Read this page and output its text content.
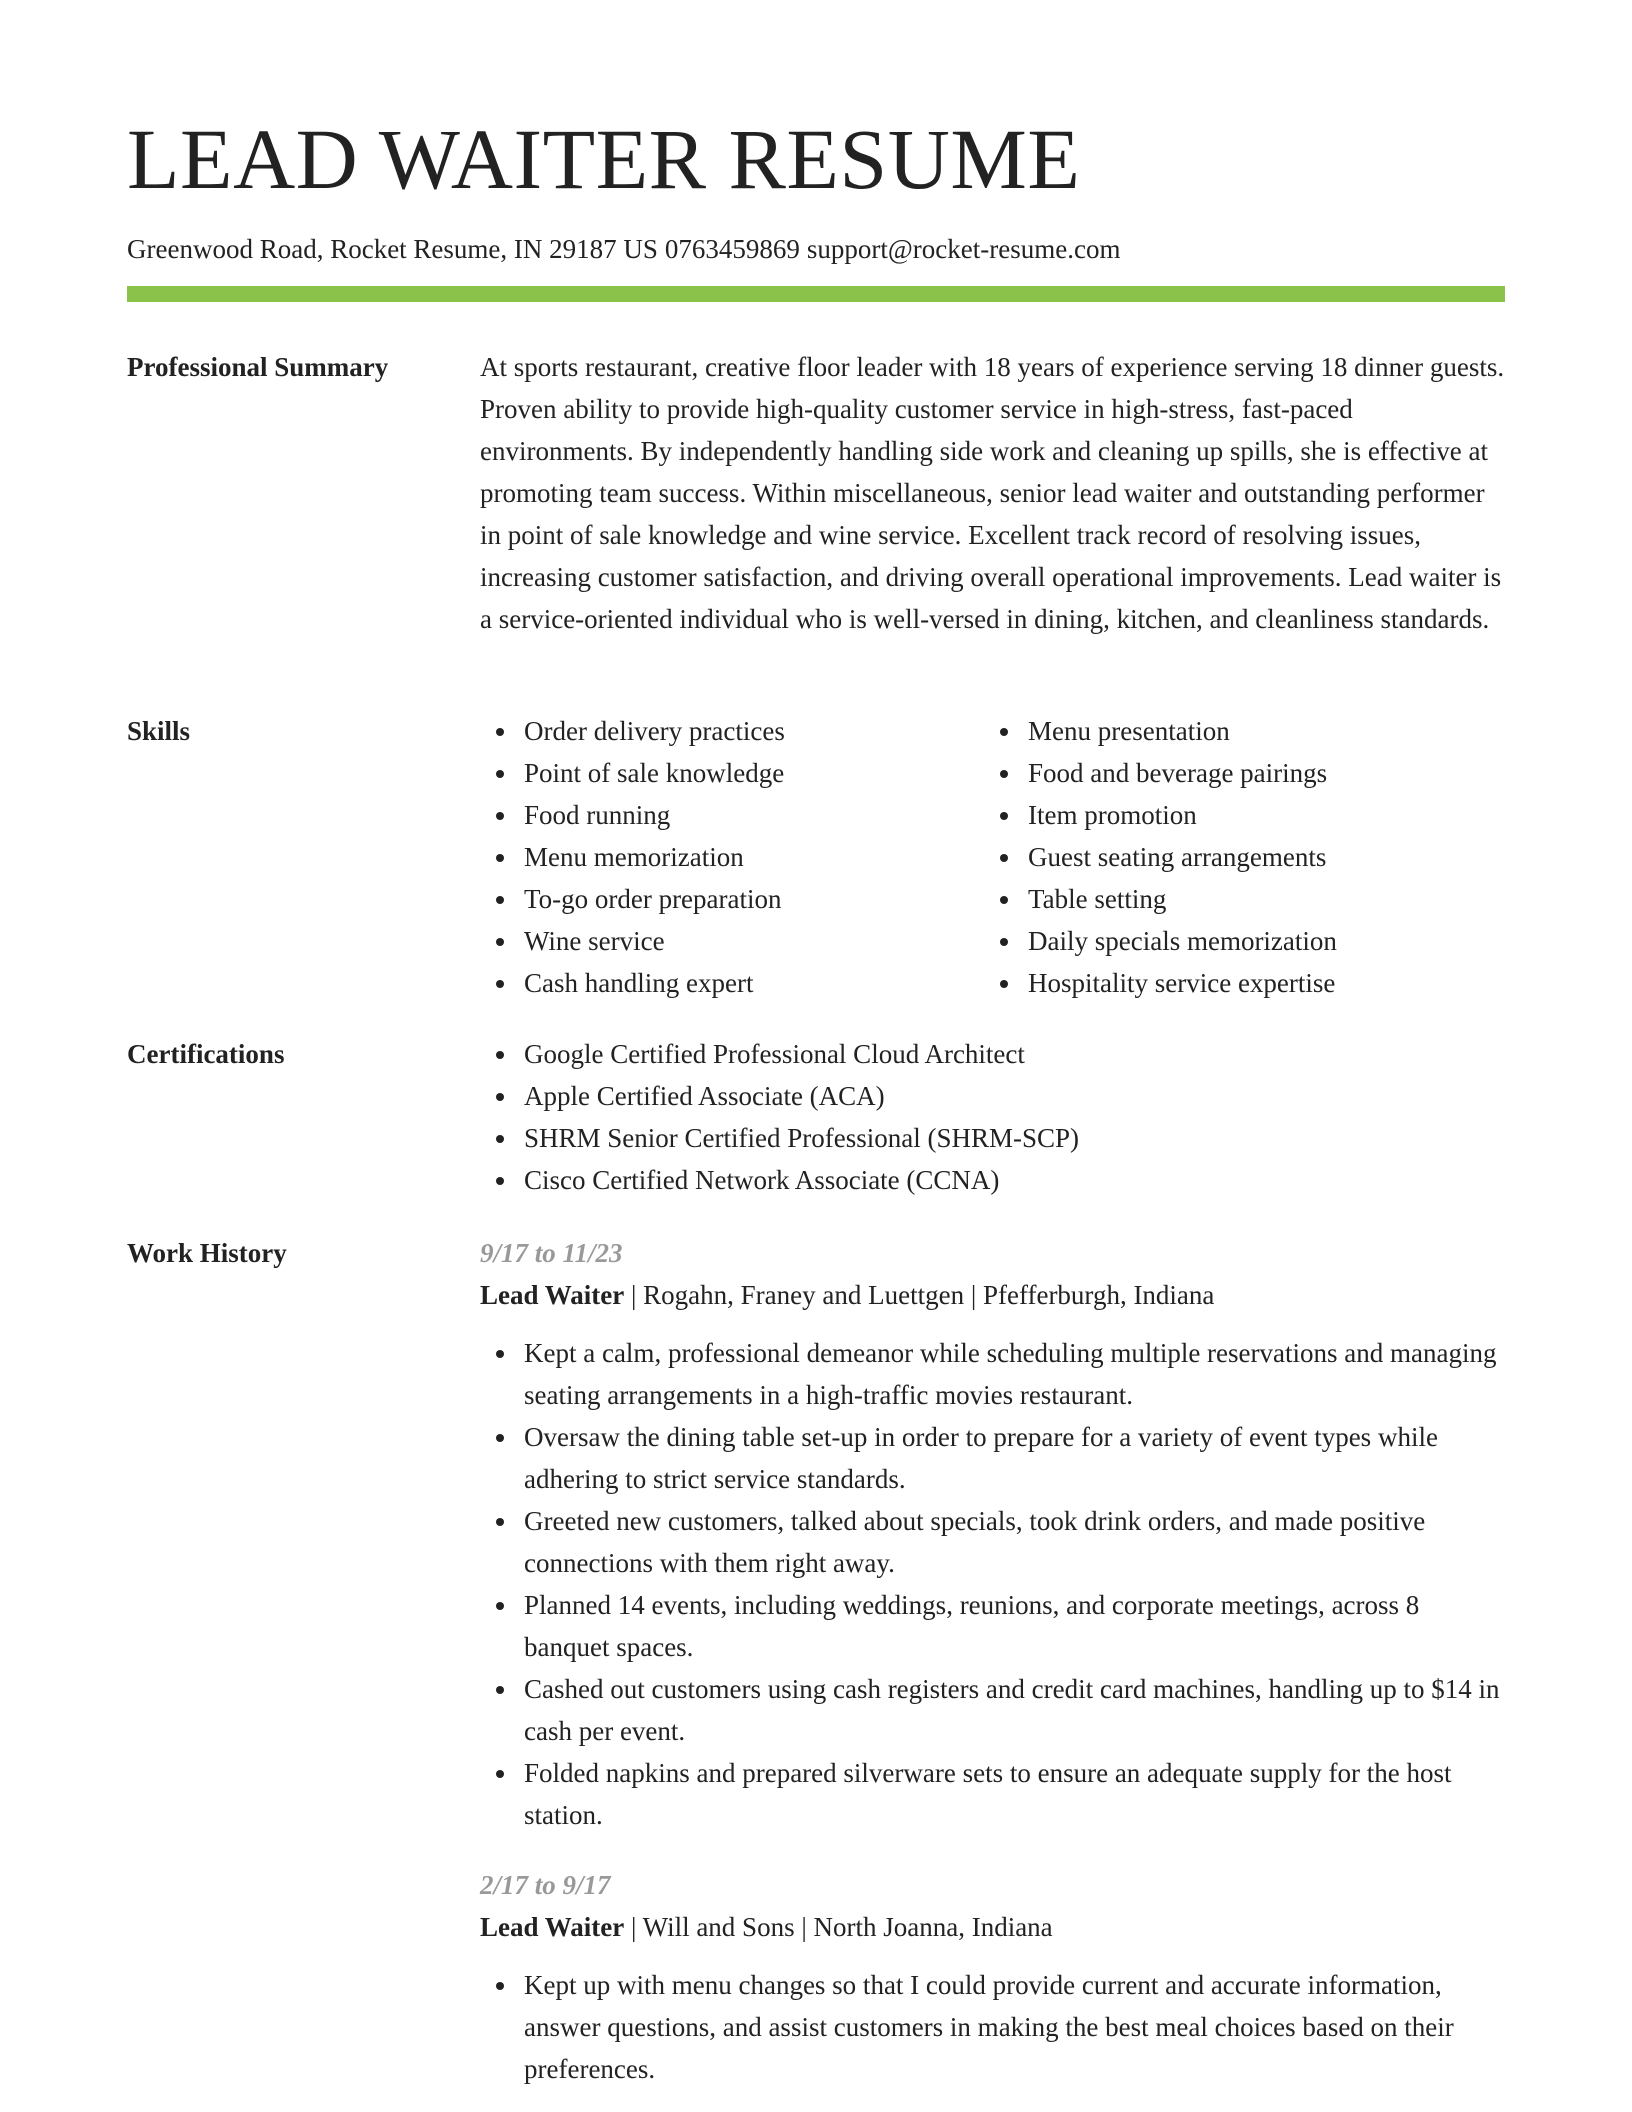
LEAD WAITER RESUME
Greenwood Road, Rocket Resume, IN 29187 US 0763459869 support@rocket-resume.com
Professional Summary	At sports restaurant, creative floor leader with 18 years of experience serving 18 dinner guests. Proven ability to provide high-quality customer service in high-stress, fast-paced environments. By independently handling side work and cleaning up spills, she is effective at promoting team success. Within miscellaneous, senior lead waiter and outstanding performer in point of sale knowledge and wine service. Excellent track record of resolving issues, increasing customer satisfaction, and driving overall operational improvements. Lead waiter is a service-oriented individual who is well-versed in dining, kitchen, and cleanliness standards.

Skills	Order delivery practices
Point of sale knowledge
Food running
Menu memorization
To-go order preparation
Wine service
Cash handling expert
Menu presentation
Food and beverage pairings
Item promotion
Guest seating arrangements
Table setting
Daily specials memorization
Hospitality service expertise
Certifications	Google Certified Professional Cloud Architect
Apple Certified Associate (ACA)
SHRM Senior Certified Professional (SHRM-SCP)
Cisco Certified Network Associate (CCNA)
Work History	9/17 to 11/23
Lead Waiter | Rogahn, Franey and Luettgen | Pfefferburgh, Indiana
Kept a calm, professional demeanor while scheduling multiple reservations and managing seating arrangements in a high-traffic movies restaurant.
Oversaw the dining table set-up in order to prepare for a variety of event types while adhering to strict service standards.
Greeted new customers, talked about specials, took drink orders, and made positive connections with them right away.
Planned 14 events, including weddings, reunions, and corporate meetings, across 8 banquet spaces.
Cashed out customers using cash registers and credit card machines, handling up to $14 in cash per event.
Folded napkins and prepared silverware sets to ensure an adequate supply for the host station.
2/17 to 9/17
Lead Waiter | Will and Sons | North Joanna, Indiana
Kept up with menu changes so that I could provide current and accurate information, answer questions, and assist customers in making the best meal choices based on their preferences.
